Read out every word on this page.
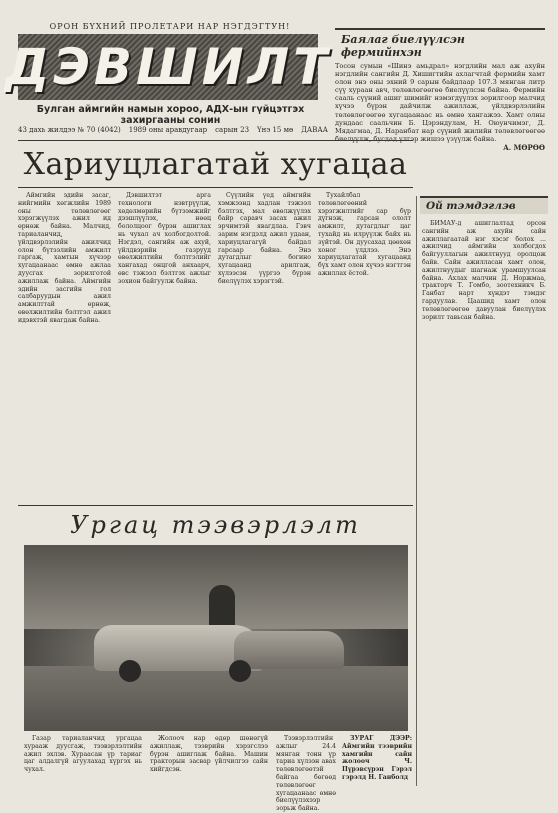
ОРОН БҮХНИЙ ПРОЛЕТАРИ НАР НЭГДЭГТУН!
ДЭВШИЛТ
Булган аймгийн намын хороо, АДХ-ын гүйцэтгэх захиргааны сонин
43 дахь жилдээ № 70 (4042) 1989 оны аравдугаар сарын 23 Үнэ 15 мө ДАВАА
Баялаг биелүүлсэн фермийнхэн
Тосон сумын «Шинэ амьдрал» нэгдлийн мал аж ахуйн нэгдлийн сангийн Д. Хишигтийн ахлагчтай фермийн хамт олон энэ оны эхний 9 сарын байдлаар 107.3 мянган литр сүү хураан авч, төлөвлөгөөгөө биелүүлсэн байна. Фермийн сааль сүүний ашиг шимийг нэмэгдүүлэх зорилгоор малчид хүчээ бүрэн дайчилж ажиллаж, үйлдвэрлэлийн төлөвлөгөөгөө хугацаанаас нь өмнө хангажээ. Хамт олны дундаас саальчин Б. Цэрэндулам, Н. Оюунчимэг, Д. Мядагмаа, Д. Наранбат нар сүүний жилийн төлөвлөгөөгөө биелүүлж, бусдад үлгэр жишээ үзүүлж байна.
А. МӨРӨӨ
Хариуцлагатай хугацаа

Аймгийн эдийн засаг, нийгмийн хөгжлийн 1989 оны төлөвлөгөөг хэрэгжүүлэх ажил ид өрнөж байна. Малчид, тариаланчид, үйлдвэрлэлийн ажилчид олон бүтээлийн амжилт гаргаж, хамтын хүчээр хугацаанаас өмнө ажлаа дуусгах зорилготой ажиллаж байна. Аймгийн эдийн засгийн гол салбаруудын ажил амжилттай өрнөж, өвөлжилтийн бэлтгэл ажил идэвхтэй явагдаж байна.

Дэвшилтэт арга технологи нэвтрүүлж, хөдөлмөрийн бүтээмжийг дээшлүүлэх, нөөц бололцоог бүрэн ашиглах нь чухал ач холбогдолтой. Нэгдэл, сангийн аж ахуй, үйлдвэрийн газрууд өвөлжилтийн бэлтгэлийг хангахад онцгой анхаарч, өвс тэжээл бэлтгэх ажлыг зохион байгуулж байна.

Сүүлийн үед аймгийн хэмжээнд хадлан тэжээл бэлтгэх, мал өвөлжүүлэх байр саравч засах ажил эрчимтэй явагдлаа. Гэвч зарим нэгдэлд ажил удаан, хариуцлагагүй байдал гарсаар байна. Энэ дутагдлыг богино хугацаанд арилгаж, хүлээсэн үүргээ бүрэн биелүүлэх хэрэгтэй.

Тухайлбал төлөвлөгөөний хэрэгжилтийг сар бүр дүгнэж, гарсан ололт амжилт, дутагдлыг цаг тухайд нь илрүүлж байх нь зүйтэй. Он дуусахад цөөхөн хоног үлдлээ. Энэ хариуцлагатай хугацаанд бүх хамт олон хүчээ нэгтгэн ажиллах ёстой.

Ой тэмдэглэв

БИМАУ-д ашиглалтад орсон сангийн аж ахуйн сайн ажиллагаатай нэг хэсэг болох ... ажилчид аймгийн холбогдох байгууллагын ажилтнууд оролцож байв. Сайн ажилласан хамт олон, ажилтнуудыг шагнаж урамшуулсан байна. Ахлах малчин Д. Норжмаа, тракторч Т. Гомбо, зоотехникч Б. Ганбат нарт хүндэт тэмдэг гардуулав. Цаашид хамт олон төлөвлөгөөгөө давуулан биелүүлэх зорилт тавьсан байна.

Ургац тээвэрлэлт

Газар тариаланчид ургацаа хурааж дуусгаж, тээвэрлэлтийн ажил эхлэв. Хураасан үр тариаг цаг алдалгүй агуулахад хүргэх нь чухал.

Жолооч нар өдөр шөнөгүй ажиллаж, тээврийн хэрэгслээ бүрэн ашиглаж байна. Машин тракторын засвар үйлчилгээ сайн хийгдсэн.

Тээвэрлэлтийн ажлыг 24.4 мянган тонн үр тариа хүлээн авах төлөвлөгөөтэй байгаа бөгөөд төлөвлөгөөг хугацаанаас өмнө биелүүлэхээр зорьж байна.

ЗУРАГ ДЭЭР: Аймгийн тээврийн хамгийн сайн жолооч Ч. Пүрэвсүрэн Гэрэл гэрэлд Н. Ганболд
